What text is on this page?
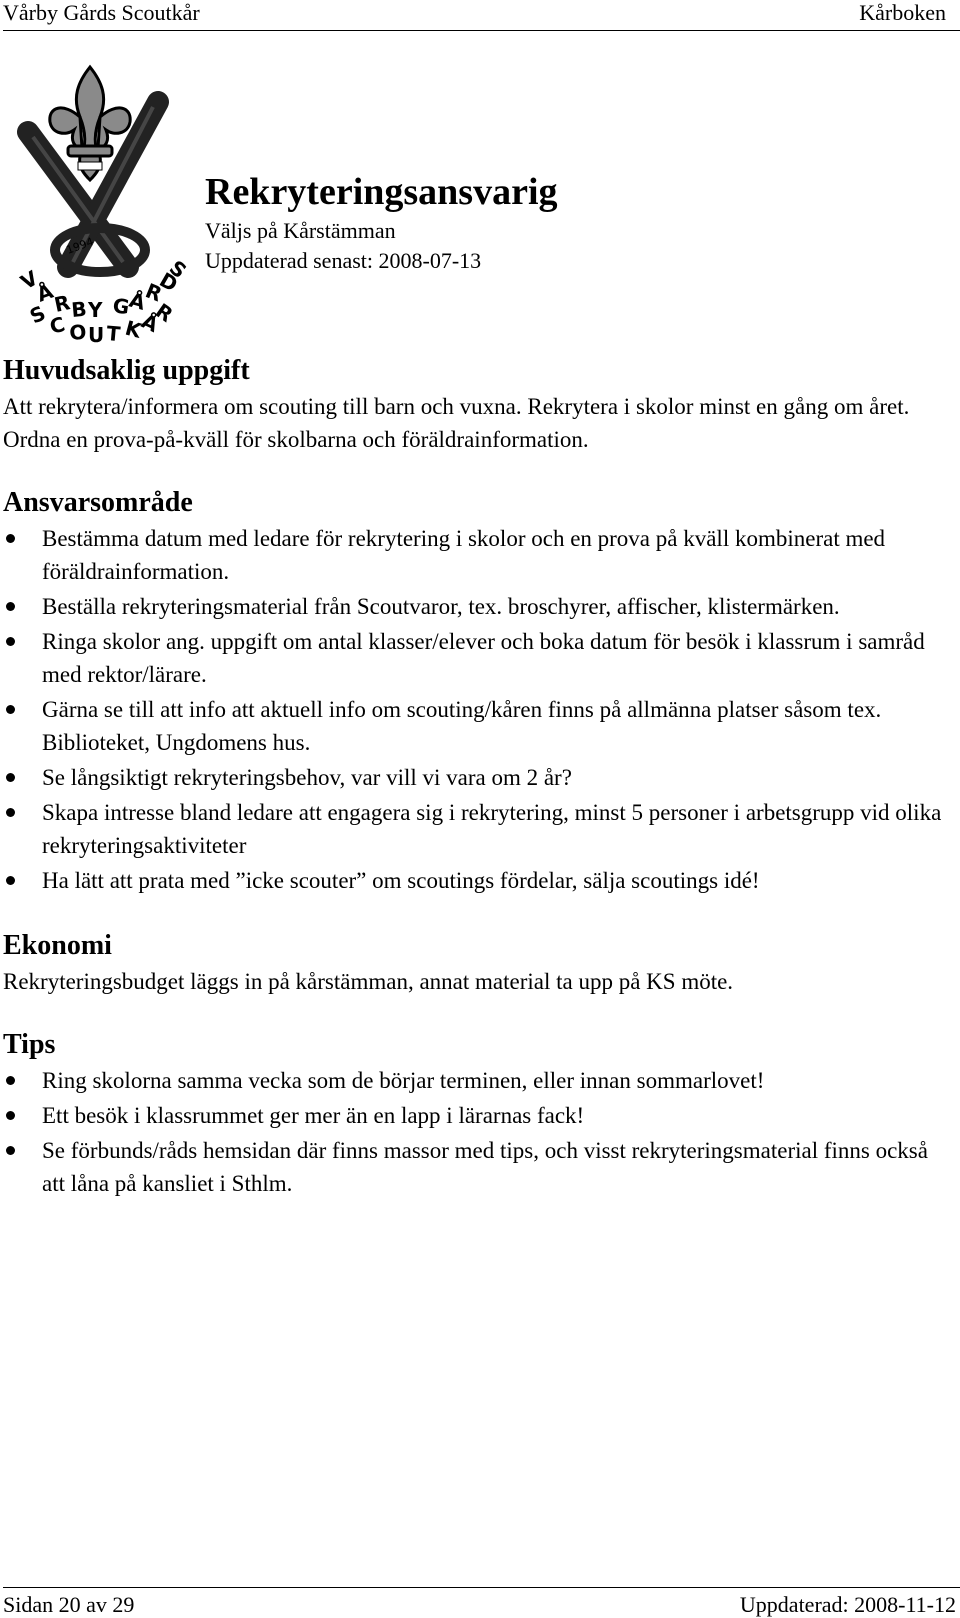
Vårby Gårds Scoutkår	Kårboken
1994
V
Å
R
B Y G
Å
R
D
S
S
C O U T K
Å
R
Rekryteringsansvarig
Väljs på Kårstämman
Uppdaterad senast: 2008-07-13
Huvudsaklig uppgift

Att rekrytera/informera om scouting till barn och vuxna. Rekrytera i skolor minst en gång om året. Ordna en prova-på-kväll för skolbarna och föräldrainformation.

Ansvarsområde
Bestämma datum med ledare för rekrytering i skolor och en prova på kväll kombinerat med föräldrainformation.
Beställa rekryteringsmaterial från Scoutvaror, tex. broschyrer, affischer, klistermärken.
Ringa skolor ang. uppgift om antal klasser/elever och boka datum för besök i klassrum i samråd med rektor/lärare.
Gärna se till att info att aktuell info om scouting/kåren finns på allmänna platser såsom tex. Biblioteket, Ungdomens hus.
Se långsiktigt rekryteringsbehov, var vill vi vara om 2 år?
Skapa intresse bland ledare att engagera sig i rekrytering, minst 5 personer i arbetsgrupp vid olika rekryteringsaktiviteter
Ha lätt att prata med ”icke scouter” om scoutings fördelar, sälja scoutings idé!
Ekonomi

Rekryteringsbudget läggs in på kårstämman, annat material ta upp på KS möte.

Tips
Ring skolorna samma vecka som de börjar terminen, eller innan sommarlovet!
Ett besök i klassrummet ger mer än en lapp i lärarnas fack!
Se förbunds/råds hemsidan där finns massor med tips, och visst rekryteringsmaterial finns också att låna på kansliet i Sthlm.
Sidan 20 av 29	Uppdaterad: 2008-11-12
